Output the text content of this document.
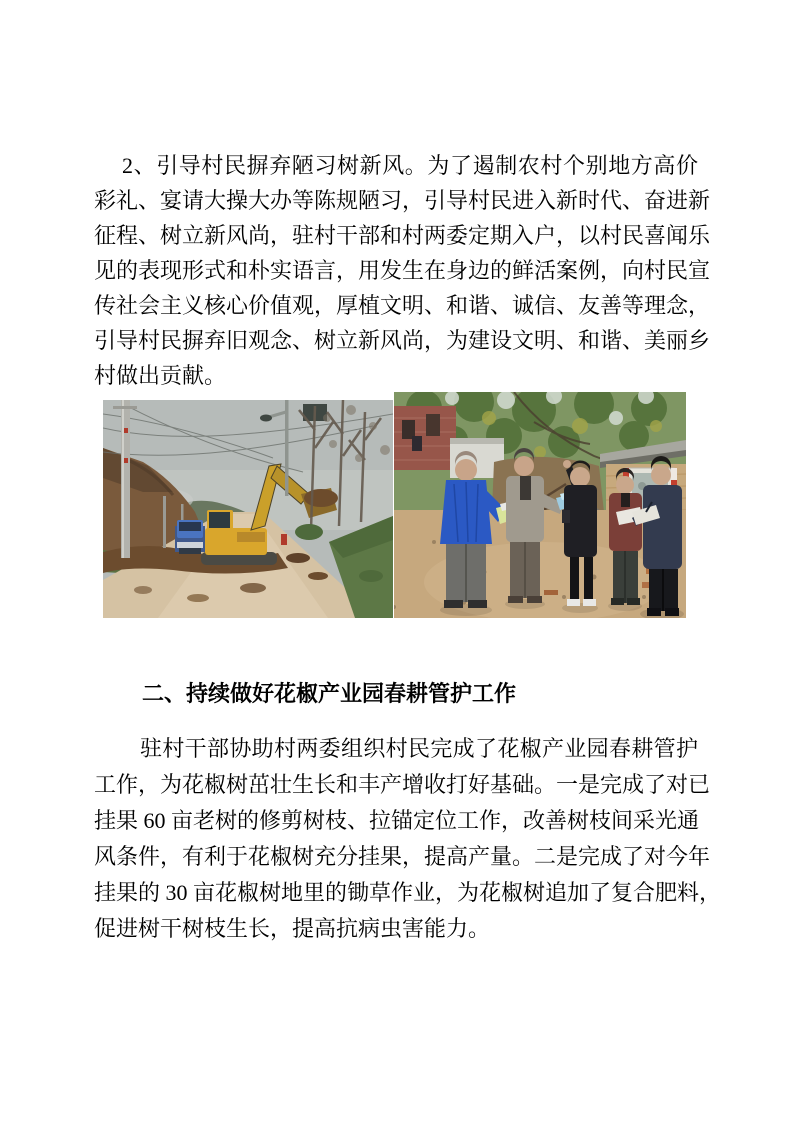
2、引导村民摒弃陋习树新风。为了遏制农村个别地方高价
彩礼、宴请大操大办等陈规陋习，引导村民进入新时代、奋进新
征程、树立新风尚，驻村干部和村两委定期入户，以村民喜闻乐
见的表现形式和朴实语言，用发生在身边的鲜活案例，向村民宣
传社会主义核心价值观，厚植文明、和谐、诚信、友善等理念，
引导村民摒弃旧观念、树立新风尚，为建设文明、和谐、美丽乡
村做出贡献。
二、持续做好花椒产业园春耕管护工作
驻村干部协助村两委组织村民完成了花椒产业园春耕管护
工作，为花椒树茁壮生长和丰产增收打好基础。一是完成了对已
挂果 60 亩老树的修剪树枝、拉锚定位工作，改善树枝间采光通
风条件，有利于花椒树充分挂果，提高产量。二是完成了对今年
挂果的 30 亩花椒树地里的锄草作业，为花椒树追加了复合肥料，
促进树干树枝生长，提高抗病虫害能力。
